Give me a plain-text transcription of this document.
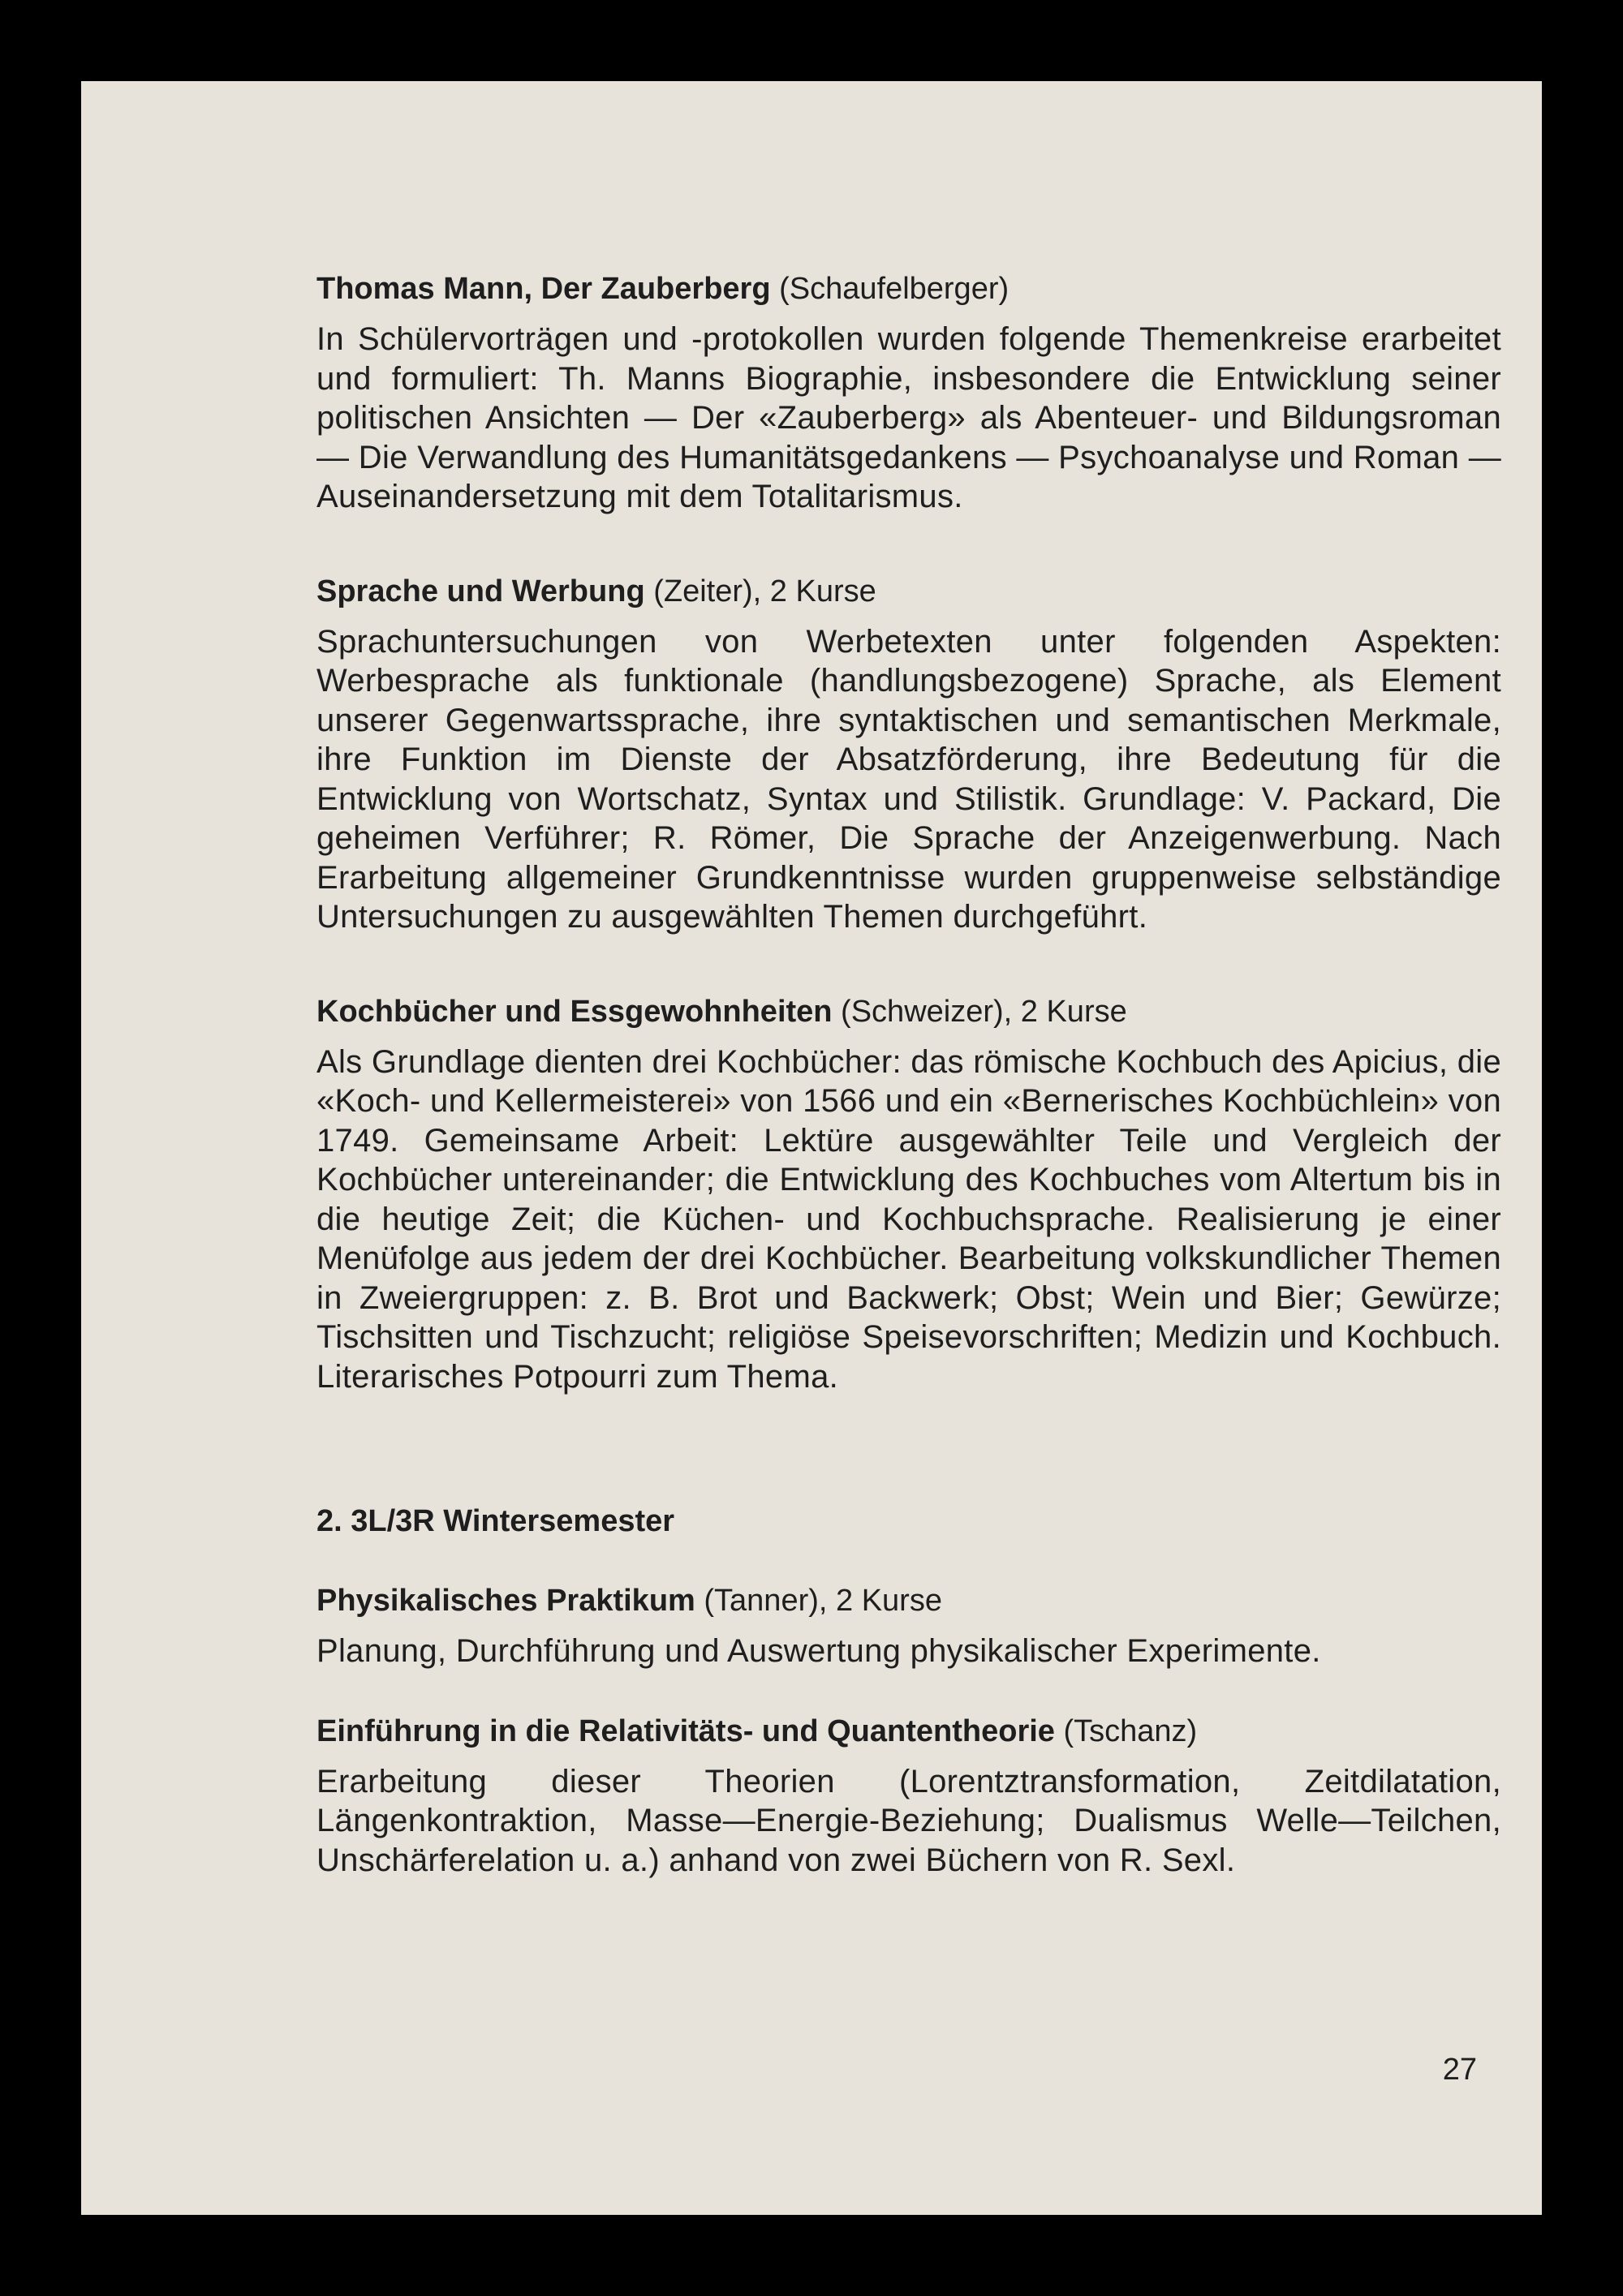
Thomas Mann, Der Zauberberg (Schaufelberger)

In Schülervorträgen und -protokollen wurden folgende Themenkreise erarbeitet und formuliert: Th. Manns Biographie, insbesondere die Entwicklung seiner politischen Ansichten — Der «Zauberberg» als Abenteuer- und Bildungsroman — Die Verwandlung des Humanitätsgedankens — Psychoanalyse und Roman — Auseinandersetzung mit dem Totalitarismus.

Sprache und Werbung (Zeiter), 2 Kurse

Sprachuntersuchungen von Werbetexten unter folgenden Aspekten: Werbesprache als funktionale (handlungsbezogene) Sprache, als Element unserer Gegenwartssprache, ihre syntaktischen und semantischen Merkmale, ihre Funktion im Dienste der Absatzförderung, ihre Bedeutung für die Entwicklung von Wortschatz, Syntax und Stilistik. Grundlage: V. Packard, Die geheimen Verführer; R. Römer, Die Sprache der Anzeigenwerbung. Nach Erarbeitung allgemeiner Grundkenntnisse wurden gruppenweise selbständige Untersuchungen zu ausgewählten Themen durchgeführt.

Kochbücher und Essgewohnheiten (Schweizer), 2 Kurse

Als Grundlage dienten drei Kochbücher: das römische Kochbuch des Apicius, die «Koch- und Kellermeisterei» von 1566 und ein «Bernerisches Kochbüchlein» von 1749. Gemeinsame Arbeit: Lektüre ausgewählter Teile und Vergleich der Kochbücher untereinander; die Entwicklung des Kochbuches vom Altertum bis in die heutige Zeit; die Küchen- und Kochbuchsprache. Realisierung je einer Menüfolge aus jedem der drei Kochbücher. Bearbeitung volkskundlicher Themen in Zweiergruppen: z. B. Brot und Backwerk; Obst; Wein und Bier; Gewürze; Tischsitten und Tischzucht; religiöse Speisevorschriften; Medizin und Kochbuch. Literarisches Potpourri zum Thema.

2. 3L/3R Wintersemester

Physikalisches Praktikum (Tanner), 2 Kurse

Planung, Durchführung und Auswertung physikalischer Experimente.

Einführung in die Relativitäts- und Quantentheorie (Tschanz)

Erarbeitung dieser Theorien (Lorentztransformation, Zeitdilatation, Längenkontraktion, Masse—Energie-Beziehung; Dualismus Welle—Teilchen, Unschärferelation u. a.) anhand von zwei Büchern von R. Sexl.

27
